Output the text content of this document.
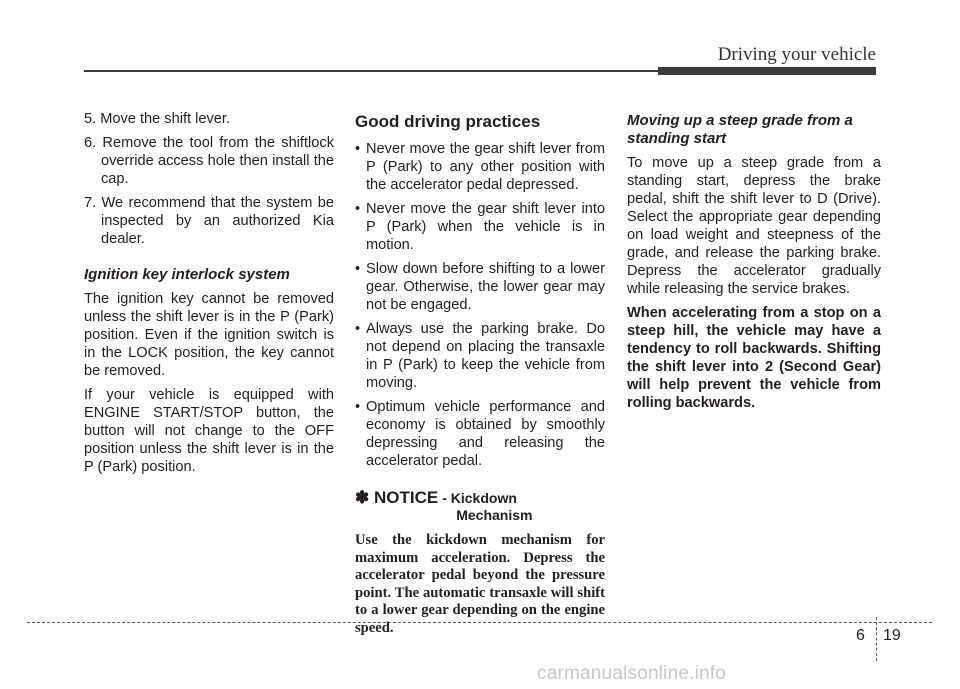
Driving your vehicle
5. Move the shift lever.
6. Remove the tool from the shiftlock override access hole then install the cap.
7. We recommend that the system be inspected by an authorized Kia dealer.
Ignition key interlock system

The ignition key cannot be removed unless the shift lever is in the P (Park) position. Even if the ignition switch is in the LOCK position, the key cannot be removed.

If your vehicle is equipped with ENGINE START/STOP button, the button will not change to the OFF position unless the shift lever is in the P (Park) position.

Good driving practices
• Never move the gear shift lever from P (Park) to any other position with the accelerator pedal depressed.
• Never move the gear shift lever into P (Park) when the vehicle is in motion.
• Slow down before shifting to a lower gear. Otherwise, the lower gear may not be engaged.
• Always use the parking brake. Do not depend on placing the transaxle in P (Park) to keep the vehicle from moving.
• Optimum vehicle performance and economy is obtained by smoothly depressing and releasing the accelerator pedal.
✽ NOTICE - Kickdown
Mechanism

Use the kickdown mechanism for maximum acceleration. Depress the accelerator pedal beyond the pressure point. The automatic transaxle will shift to a lower gear depending on the engine speed.

Moving up a steep grade from a standing start

To move up a steep grade from a standing start, depress the brake pedal, shift the shift lever to D (Drive). Select the appropriate gear depending on load weight and steepness of the grade, and release the parking brake. Depress the accelerator gradually while releasing the service brakes.

When accelerating from a stop on a steep hill, the vehicle may have a tendency to roll backwards. Shifting the shift lever into 2 (Second Gear) will help prevent the vehicle from rolling backwards.

6 19
carmanualsonline.info
